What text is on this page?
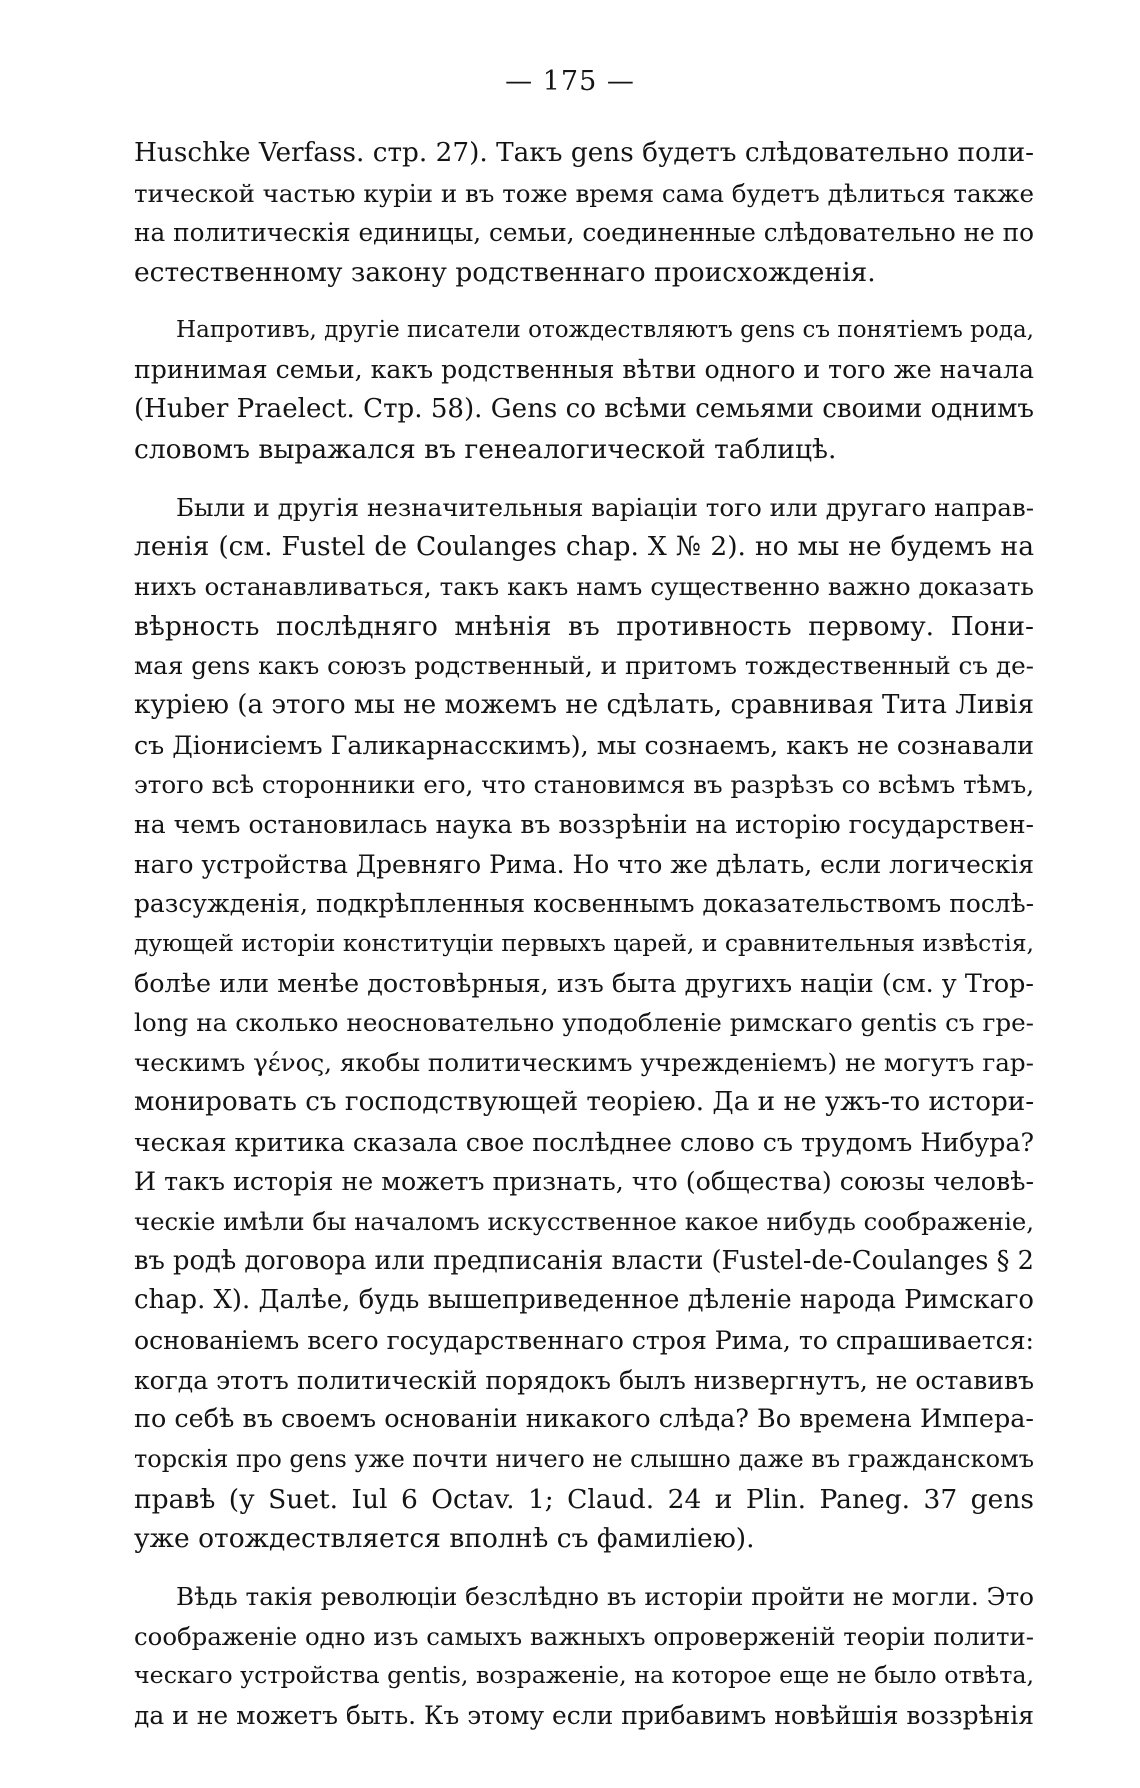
— 175 —

Huschke Verfass. стр. 27). Такъ gens будетъ слѣдовательно поли-
тической частью куріи и въ тоже время сама будетъ дѣлиться также
на политическія единицы, семьи, соединенные слѣдовательно не по
естественному закону родственнаго происхожденія.

Напротивъ, другіе писатели отождествляютъ gens съ понятіемъ рода,
принимая семьи, какъ родственныя вѣтви одного и того же начала
(Huber Praelect. Стр. 58). Gens со всѣми семьями своими однимъ
словомъ выражался въ генеалогической таблицѣ.

Были и другія незначительныя варіаціи того или другаго направ-
ленія (см. Fustel de Coulanges chap. X № 2). но мы не будемъ на
нихъ останавливаться, такъ какъ намъ существенно важно доказать
вѣрность послѣдняго мнѣнія въ противность первому. Пони-
мая gens какъ союзъ родственный, и притомъ тождественный съ де-
куріею (а этого мы не можемъ не сдѣлать, сравнивая Тита Ливія
съ Діонисіемъ Галикарнасскимъ), мы сознаемъ, какъ не сознавали
этого всѣ сторонники его, что становимся въ разрѣзъ со всѣмъ тѣмъ,
на чемъ остановилась наука въ воззрѣніи на исторію государствен-
наго устройства Древняго Рима. Но что же дѣлать, если логическія
разсужденія, подкрѣпленныя косвеннымъ доказательствомъ послѣ-
дующей исторіи конституціи первыхъ царей, и сравнительныя извѣстія,
болѣе или менѣе достовѣрныя, изъ быта другихъ націи (см. у Trop-
long на сколько неосновательно уподобленіе римскаго gentis съ гре-
ческимъ γένος, якобы политическимъ учрежденіемъ) не могутъ гар-
монировать съ господствующей теоріею. Да и не ужъ-то истори-
ческая критика сказала свое послѣднее слово съ трудомъ Нибура?
И такъ исторія не можетъ признать, что (общества) союзы человѣ-
ческіе имѣли бы началомъ искусственное какое нибудь соображеніе,
въ родѣ договора или предписанія власти (Fustel-de-Coulanges § 2
chap. X). Далѣе, будь вышеприведенное дѣленіе народа Римскаго
основаніемъ всего государственнаго строя Рима, то спрашивается:
когда этотъ политическій порядокъ былъ низвергнутъ, не оставивъ
по себѣ въ своемъ основаніи никакого слѣда? Во времена Импера-
торскія про gens уже почти ничего не слышно даже въ гражданскомъ
правѣ (у Suet. Iul 6 Octav. 1; Claud. 24 и Plin. Paneg. 37 gens
уже отождествляется вполнѣ съ фамиліею).

Вѣдь такія революціи безслѣдно въ исторіи пройти не могли. Это
соображеніе одно изъ самыхъ важныхъ опроверженій теоріи полити-
ческаго устройства gentis, возраженіе, на которое еще не было отвѣта,
да и не можетъ быть. Къ этому если прибавимъ новѣйшія воззрѣнія
